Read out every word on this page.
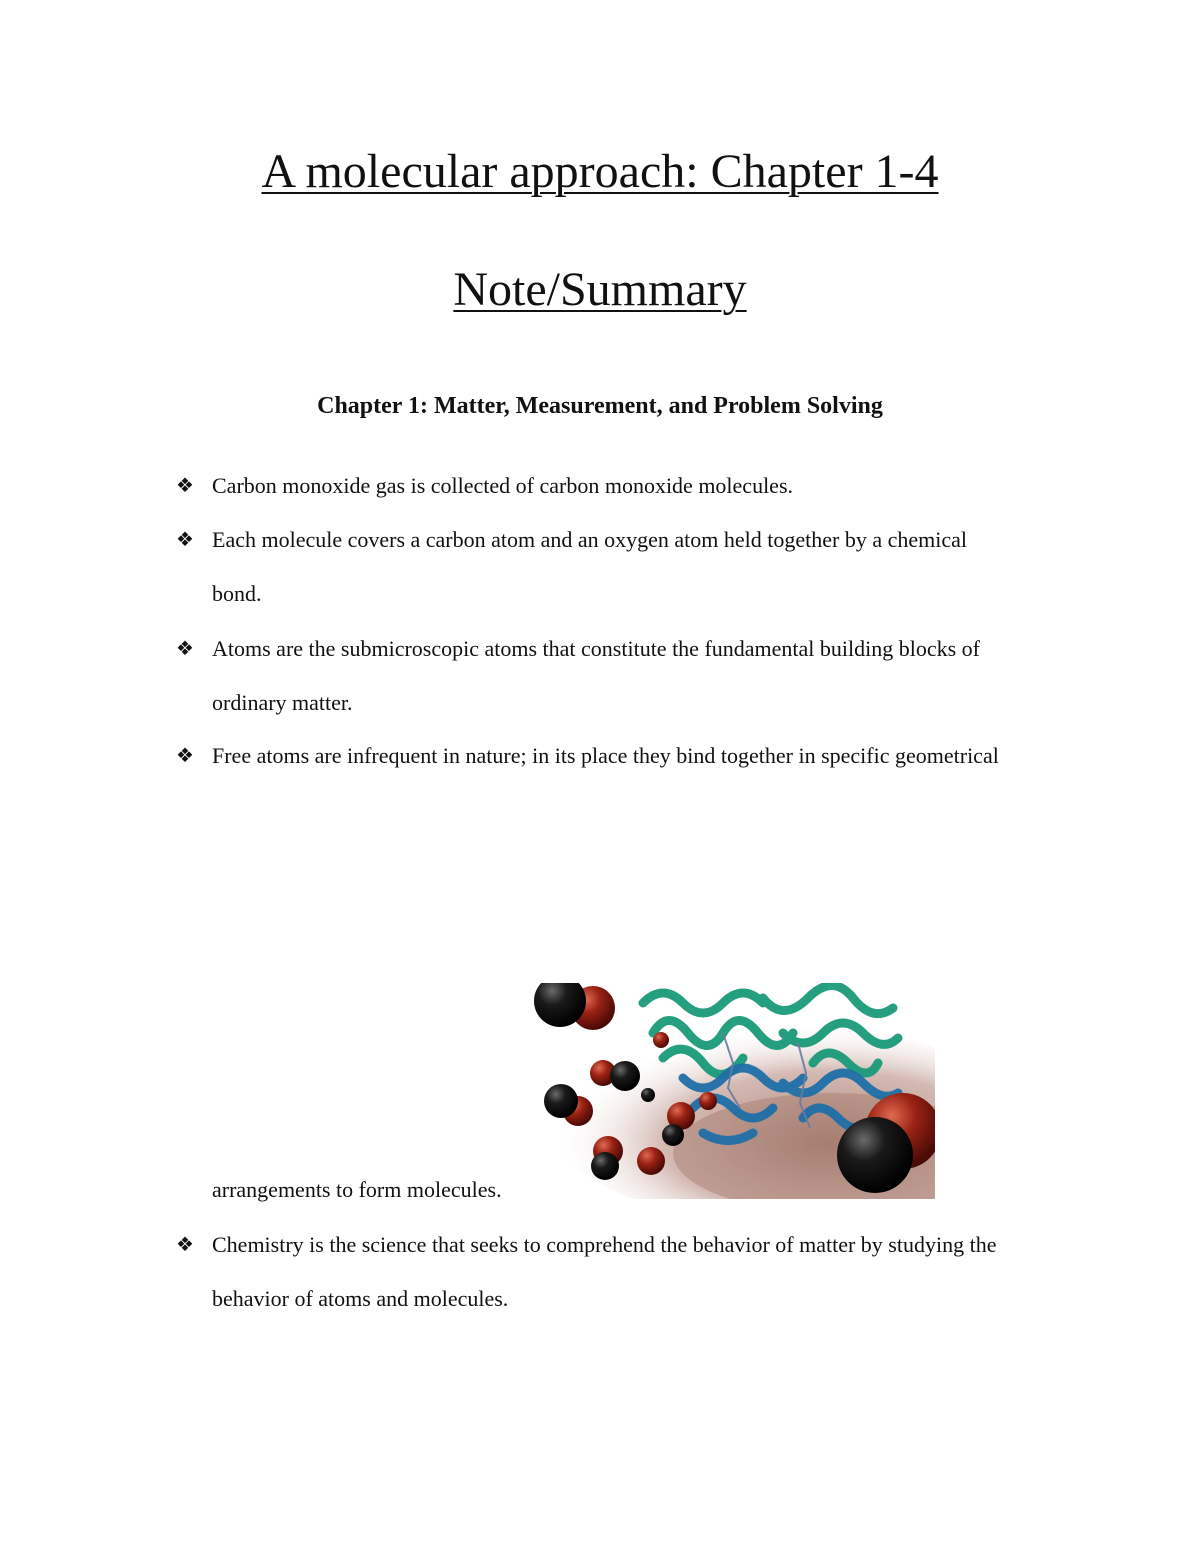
A molecular approach: Chapter 1-4
Note/Summary
Chapter 1: Matter, Measurement, and Problem Solving
❖ Carbon monoxide gas is collected of carbon monoxide molecules.
❖ Each molecule covers a carbon atom and an oxygen atom held together by a chemical
bond.
❖ Atoms are the submicroscopic atoms that constitute the fundamental building blocks of
ordinary matter.
❖ Free atoms are infrequent in nature; in its place they bind together in specific geometrical
arrangements to form molecules.
❖ Chemistry is the science that seeks to comprehend the behavior of matter by studying the
behavior of atoms and molecules.
